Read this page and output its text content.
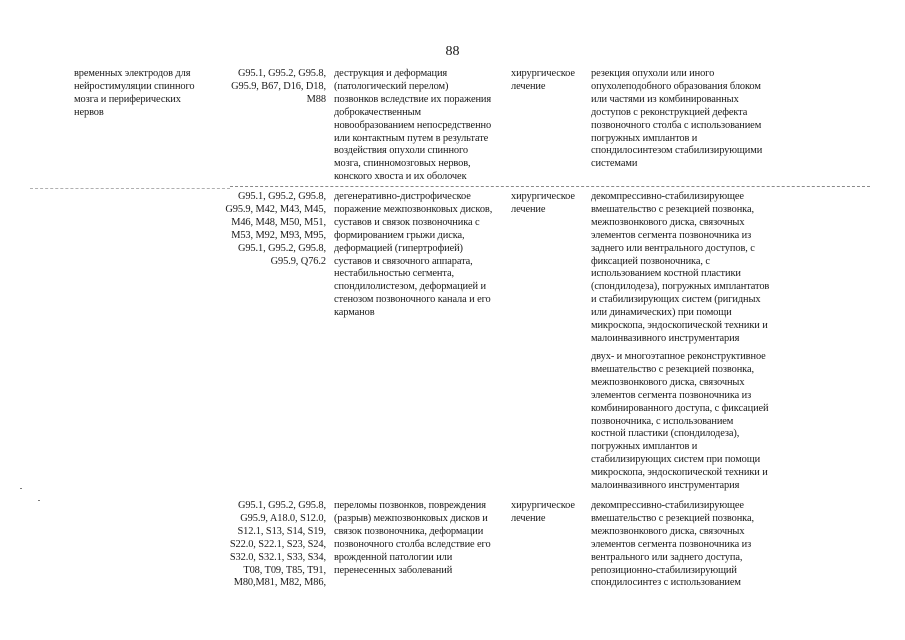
88
временных электродов для
нейростимуляции спинного
мозга и периферических
нервов
G95.1, G95.2, G95.8,
G95.9, B67, D16, D18,
M88
деструкция и деформация
(патологический перелом)
позвонков вследствие их поражения
доброкачественным
новообразованием непосредственно
или контактным путем в результате
воздействия опухоли спинного
мозга, спинномозговых нервов,
конского хвоста и их оболочек
хирургическое
лечение
резекция опухоли или иного
опухолеподобного образования блоком
или частями из комбинированных
доступов с реконструкцией дефекта
позвоночного столба с использованием
погружных имплантов и
спондилосинтезом стабилизирующими
системами
G95.1, G95.2, G95.8,
G95.9, M42, M43, M45,
M46, M48, M50, M51,
M53, M92, M93, M95,
G95.1, G95.2, G95.8,
G95.9, Q76.2
дегенеративно-дистрофическое
поражение межпозвонковых дисков,
суставов и связок позвоночника с
формированием грыжи диска,
деформацией (гипертрофией)
суставов и связочного аппарата,
нестабильностью сегмента,
спондилолистезом, деформацией и
стенозом позвоночного канала и его
карманов
хирургическое
лечение
декомпрессивно-стабилизирующее
вмешательство с резекцией позвонка,
межпозвонкового диска, связочных
элементов сегмента позвоночника из
заднего или вентрального доступов, с
фиксацией позвоночника, с
использованием костной пластики
(спондилодеза), погружных имплантатов
и стабилизирующих систем (ригидных
или динамических) при помощи
микроскопа, эндоскопической техники и
малоинвазивного инструментария
двух- и многоэтапное реконструктивное
вмешательство с резекцией позвонка,
межпозвонкового диска, связочных
элементов сегмента позвоночника из
комбинированного доступа, с фиксацией
позвоночника, с использованием
костной пластики (спондилодеза),
погружных имплантов и
стабилизирующих систем при помощи
микроскопа, эндоскопической техники и
малоинвазивного инструментария
G95.1, G95.2, G95.8,
G95.9, A18.0, S12.0,
S12.1, S13, S14, S19,
S22.0, S22.1, S23, S24,
S32.0, S32.1, S33, S34,
T08, T09, T85, T91,
M80,M81, M82, M86,
переломы позвонков, повреждения
(разрыв) межпозвонковых дисков и
связок позвоночника, деформации
позвоночного столба вследствие его
врожденной патологии или
перенесенных заболеваний
хирургическое
лечение
декомпрессивно-стабилизирующее
вмешательство с резекцией позвонка,
межпозвонкового диска, связочных
элементов сегмента позвоночника из
вентрального или заднего доступа,
репозиционно-стабилизирующий
спондилосинтез с использованием
